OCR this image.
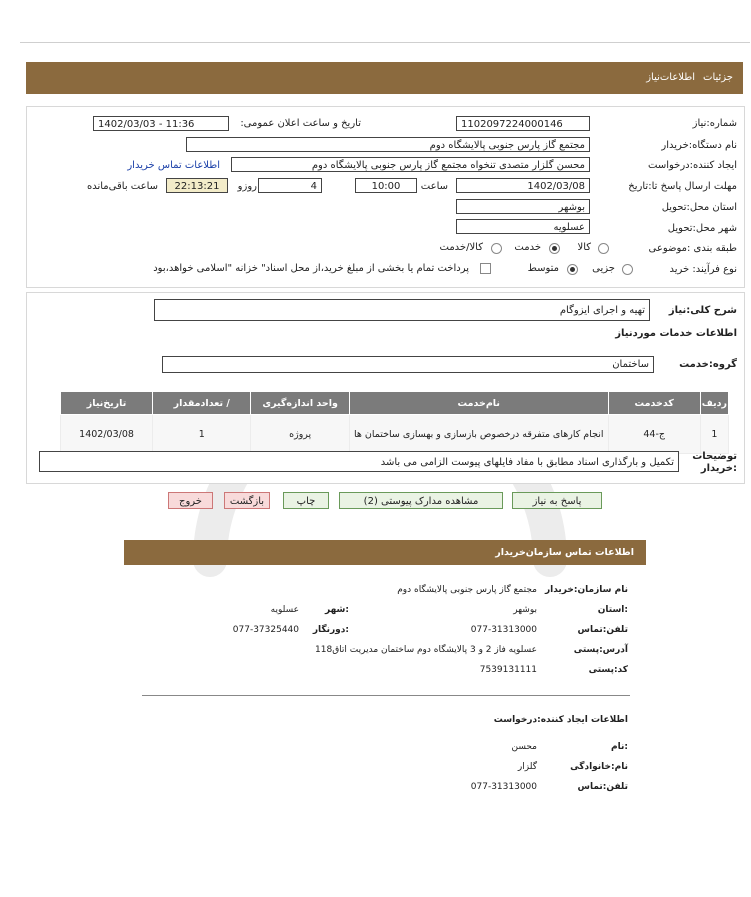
جزئیات
اطلاعات‌نیاز
شماره:نیاز
1102097224000146
تاریخ و ساعت اعلان عمومی:
1402/03/03 - 11:36
نام دستگاه:خریدار
مجتمع گاز پارس جنوبی پالایشگاه دوم
ایجاد کننده:درخواست
محسن گلزار متصدی تنخواه مجتمع گاز پارس جنوبی پالایشگاه دوم
اطلاعات تماس خریدار
مهلت ارسال پاسخ تا:تاریخ
1402/03/08
ساعت
10:00
4
روزو
22:13:21
ساعت باقی‌مانده
استان محل:تحویل
بوشهر
شهر محل:تحویل
عسلویه
طبقه بندی :موضوعی
کالا
خدمت
کالا/خدمت
نوع فرآیند: خرید
جزیی
متوسط
پرداخت تمام یا بخشی از مبلغ خرید،از محل اسناد" خزانه "اسلامی خواهد،بود
شرح کلی:نیاز
تهیه و اجرای ایزوگام
اطلاعات خدمات موردنیاز
گروه:خدمت
ساختمان
ردیف	کدخدمت	نام‌خدمت	واحد اندازه‌گیری	/ تعدادمقدار	تاریخ‌نیاز
1	ج-44	انجام کارهای متفرقه درخصوص بازسازی و بهسازی ساختمان ها	پروژه	1	1402/03/08
توضیحات :خریدار
تکمیل و بارگذاری اسناد مطابق با مفاد فایلهای پیوست الزامی می باشد
پاسخ به نیاز
مشاهده مدارک پیوستی (2)
چاپ
بازگشت
خروج
اطلاعات تماس سازمان‌خریدار
نام سازمان:خریدار
مجتمع گاز پارس جنوبی پالایشگاه دوم
:استان
بوشهر
:شهر
عسلویه
تلفن:تماس
077-31313000
:دورنگار
077-37325440
آدرس:پستی
عسلویه فاز 2 و 3 پالایشگاه دوم ساختمان مدیریت اتاق118
کد:پستی
7539131111
اطلاعات ایجاد کننده:درخواست
:نام
محسن
نام:خانوادگی
گلزار
تلفن:تماس
077-31313000
